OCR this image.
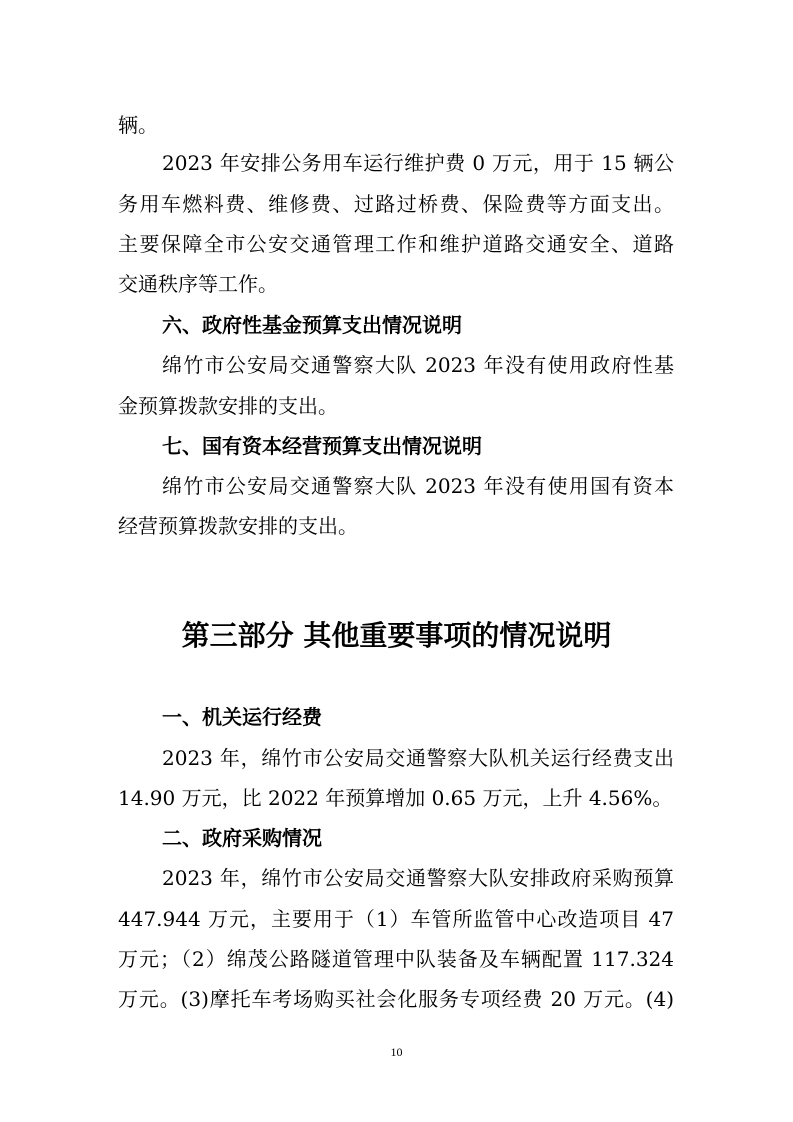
辆。

2023 年安排公务用车运行维护费 0 万元，用于 15 辆公

务用车燃料费、维修费、过路过桥费、保险费等方面支出。

主要保障全市公安交通管理工作和维护道路交通安全、道路

交通秩序等工作。

六、政府性基金预算支出情况说明

绵竹市公安局交通警察大队 2023 年没有使用政府性基

金预算拨款安排的支出。

七、国有资本经营预算支出情况说明

绵竹市公安局交通警察大队 2023 年没有使用国有资本

经营预算拨款安排的支出。

第三部分 其他重要事项的情况说明

一、机关运行经费

2023 年，绵竹市公安局交通警察大队机关运行经费支出

14.90 万元，比 2022 年预算增加 0.65 万元，上升 4.56%。

二、政府采购情况

2023 年，绵竹市公安局交通警察大队安排政府采购预算

447.944 万元，主要用于（1）车管所监管中心改造项目 47

万元；（2）绵茂公路隧道管理中队装备及车辆配置 117.324

万元。(3)摩托车考场购买社会化服务专项经费 20 万元。(4)

10
